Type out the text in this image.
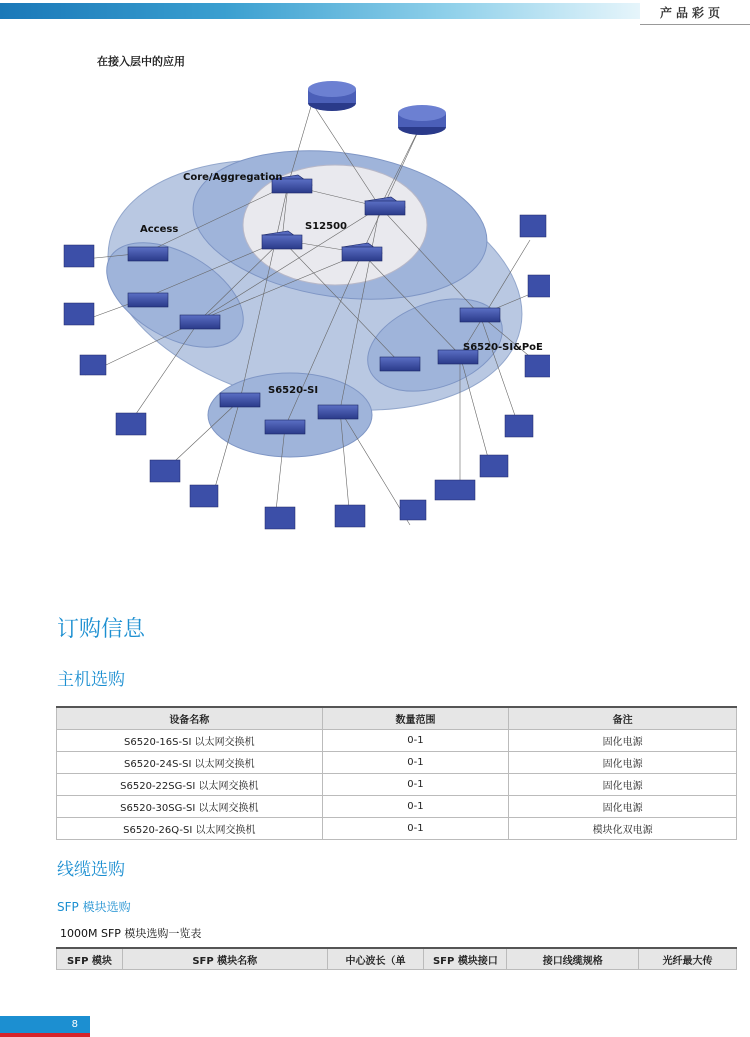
产品彩页
在接入层中的应用
Core/Aggregation
S12500
Access
S6520-SI&PoE
S6520-SI
订购信息
主机选购
设备名称	数量范围	备注
S6520-16S-SI 以太网交换机	0-1	固化电源
S6520-24S-SI 以太网交换机	0-1	固化电源
S6520-22SG-SI 以太网交换机	0-1	固化电源
S6520-30SG-SI 以太网交换机	0-1	固化电源
S6520-26Q-SI 以太网交换机	0-1	模块化双电源
线缆选购
SFP 模块选购
1000M SFP 模块选购一览表
SFP 模块	SFP 模块名称	中心波长（单	SFP 模块接口	接口线缆规格	光纤最大传
8
